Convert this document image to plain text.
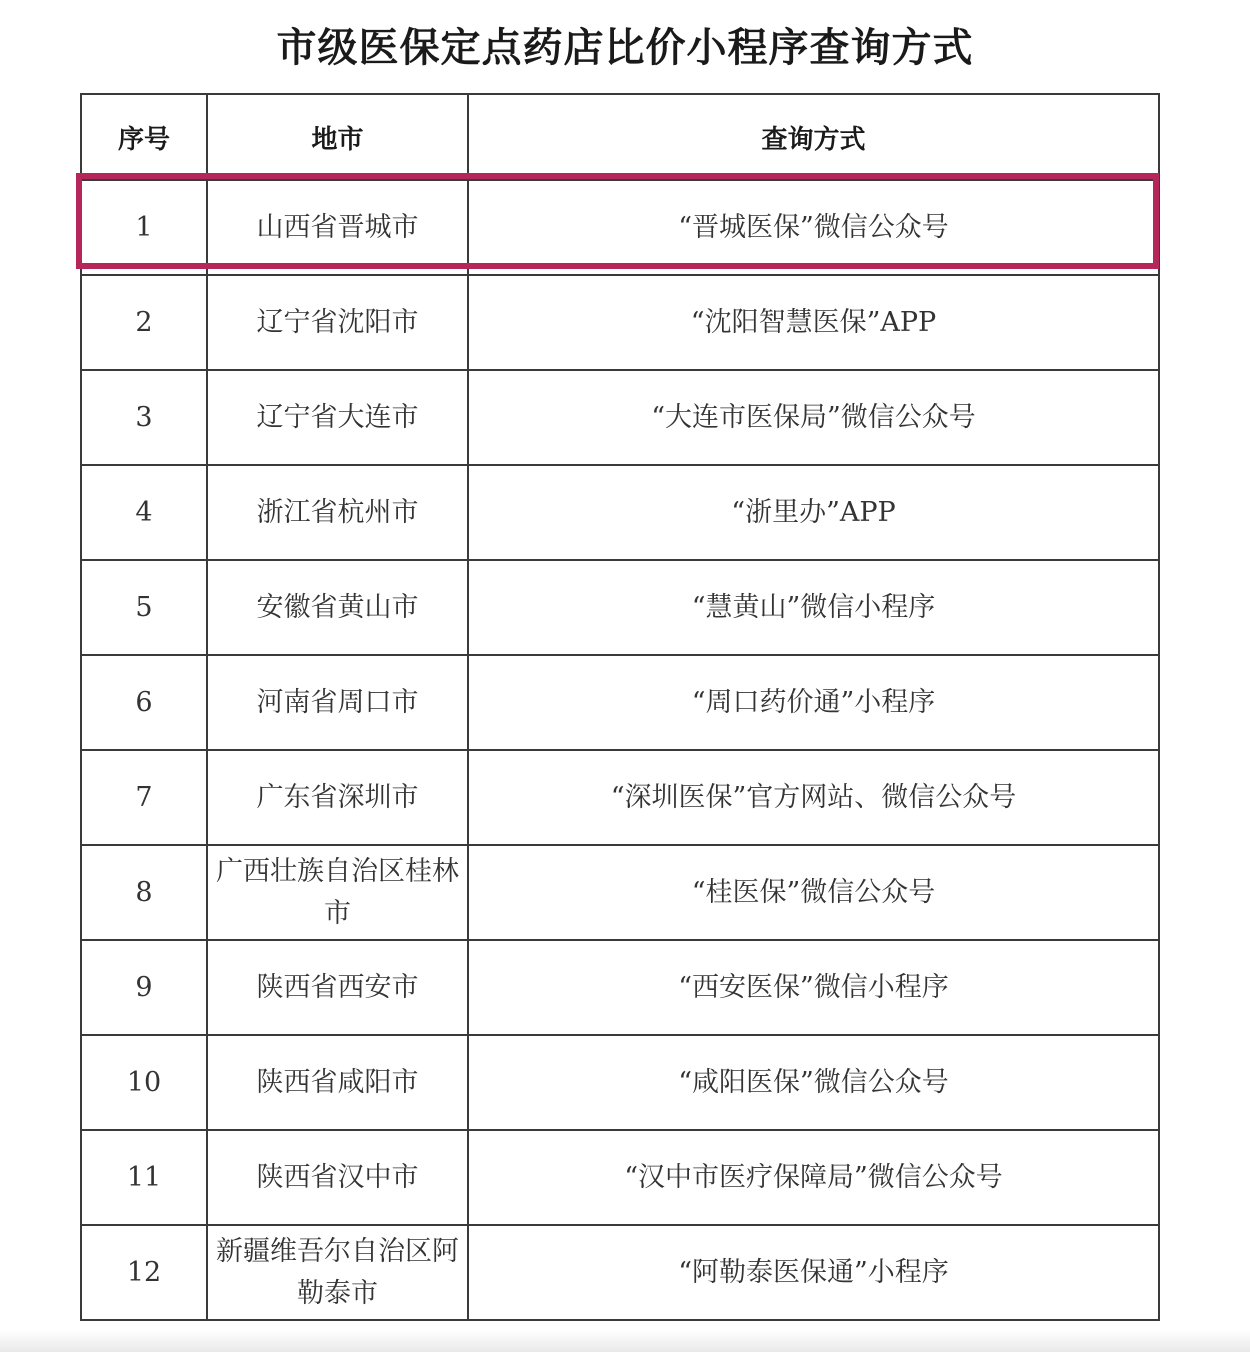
市级医保定点药店比价小程序查询方式
序号	地市	查询方式
1	山西省晋城市	“晋城医保”微信公众号
2	辽宁省沈阳市	“沈阳智慧医保”APP
3	辽宁省大连市	“大连市医保局”微信公众号
4	浙江省杭州市	“浙里办”APP
5	安徽省黄山市	“慧黄山”微信小程序
6	河南省周口市	“周口药价通”小程序
7	广东省深圳市	“深圳医保”官方网站、微信公众号
8	广西壮族自治区桂林市	“桂医保”微信公众号
9	陕西省西安市	“西安医保”微信小程序
10	陕西省咸阳市	“咸阳医保”微信公众号
11	陕西省汉中市	“汉中市医疗保障局”微信公众号
12	新疆维吾尔自治区阿勒泰市	“阿勒泰医保通”小程序
